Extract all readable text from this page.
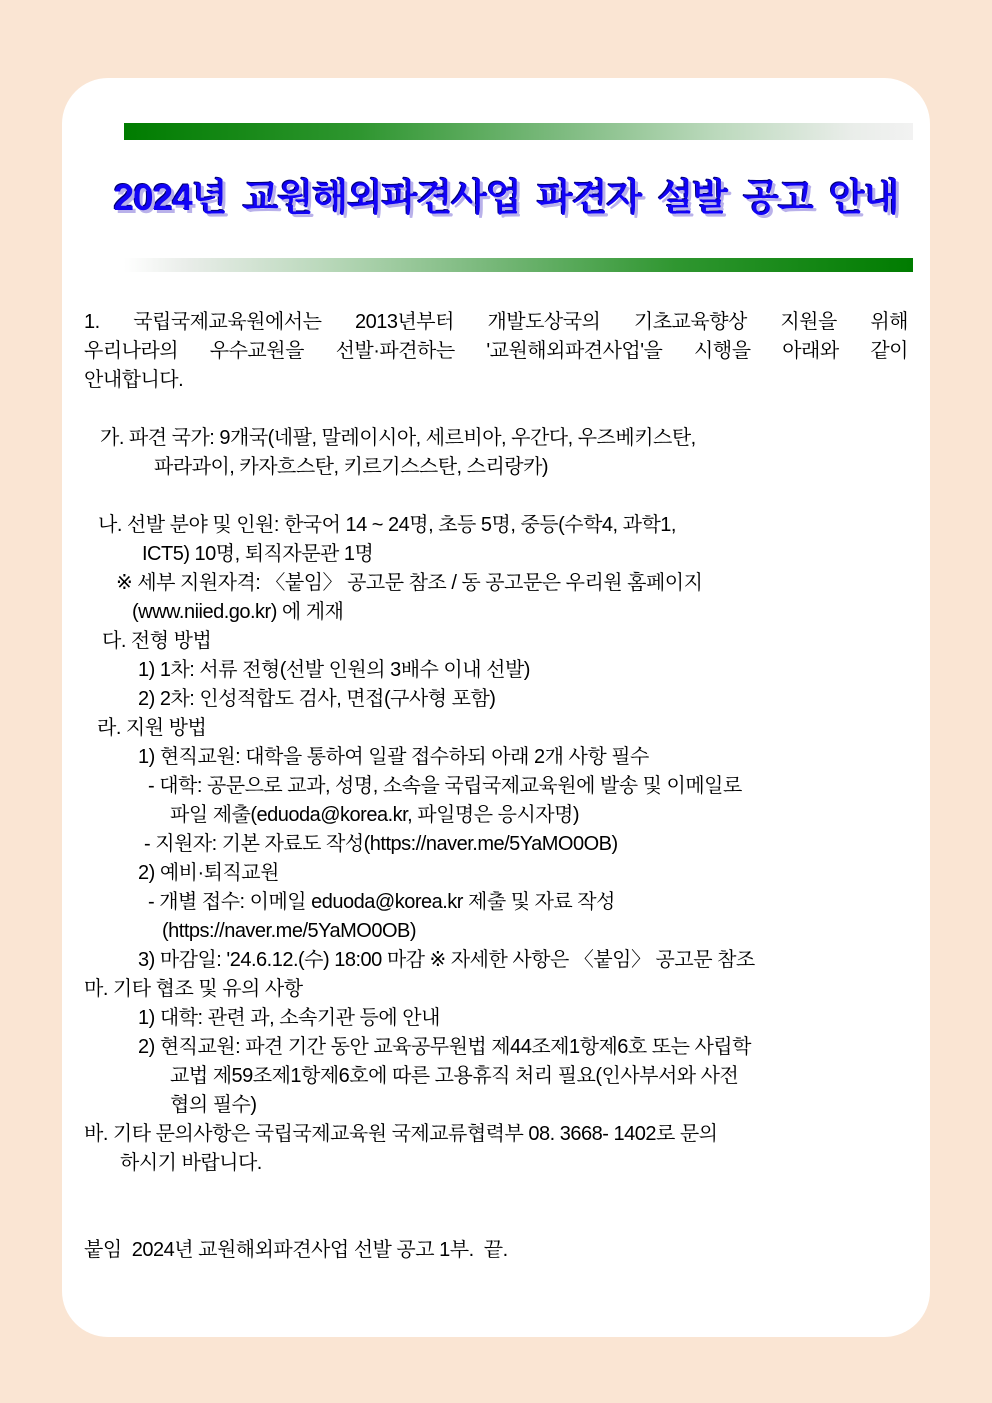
2024년 교원해외파견사업 파견자 설발 공고 안내
1. 국립국제교육원에서는 2013년부터 개발도상국의 기초교육향상 지원을 위해
우리나라의 우수교원을 선발·파견하는 '교원해외파견사업'을 시행을 아래와 같이
안내합니다.

가. 파견 국가: 9개국(네팔, 말레이시아, 세르비아, 우간다, 우즈베키스탄,
파라과이, 카자흐스탄, 키르기스스탄, 스리랑카)

나. 선발 분야 및 인원: 한국어 14 ~ 24명, 초등 5명, 중등(수학4, 과학1,
ICT5) 10명, 퇴직자문관 1명
※ 세부 지원자격: 〈붙임〉 공고문 참조 / 동 공고문은 우리원 홈페이지
(www.niied.go.kr) 에 게재
다. 전형 방법
1) 1차: 서류 전형(선발 인원의 3배수 이내 선발)
2) 2차: 인성적합도 검사, 면접(구사형 포함)
라. 지원 방법
1) 현직교원: 대학을 통하여 일괄 접수하되 아래 2개 사항 필수
- 대학: 공문으로 교과, 성명, 소속을 국립국제교육원에 발송 및 이메일로
파일 제출(eduoda@korea.kr, 파일명은 응시자명)
- 지원자: 기본 자료도 작성(https://naver.me/5YaMO0OB)
2) 예비·퇴직교원
- 개별 접수: 이메일 eduoda@korea.kr 제출 및 자료 작성
(https://naver.me/5YaMO0OB)
3) 마감일: '24.6.12.(수) 18:00 마감 ※ 자세한 사항은 〈붙임〉 공고문 참조
마. 기타 협조 및 유의 사항
1) 대학: 관련 과, 소속기관 등에 안내
2) 현직교원: 파견 기간 동안 교육공무원법 제44조제1항제6호 또는 사립학
교법 제59조제1항제6호에 따른 고용휴직 처리 필요(인사부서와 사전
협의 필수)
바. 기타 문의사항은 국립국제교육원 국제교류협력부 08. 3668- 1402로 문의
하시기 바랍니다.

붙임  2024년 교원해외파견사업 선발 공고 1부.  끝.
